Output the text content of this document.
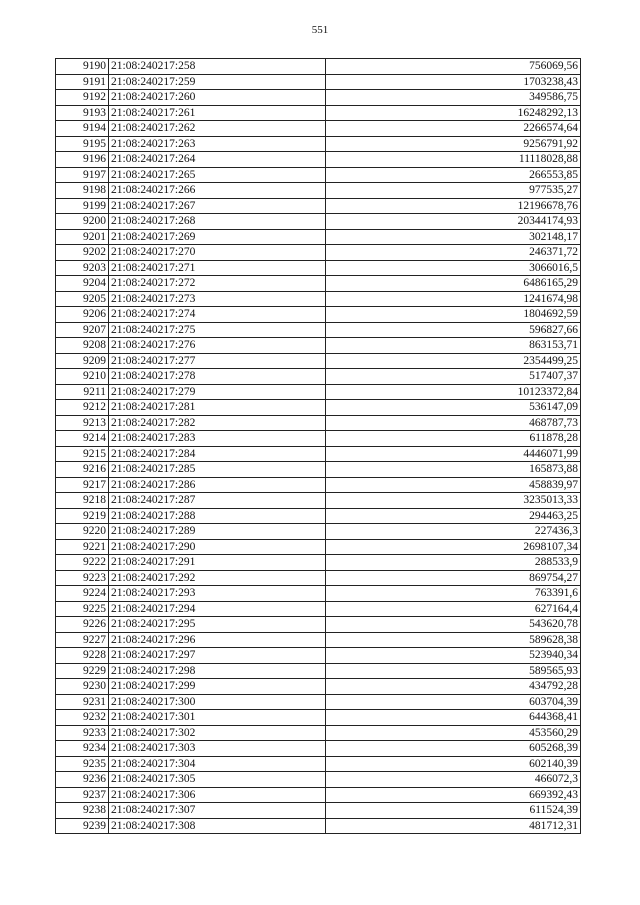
551
9190	21:08:240217:258	756069,56
9191	21:08:240217:259	1703238,43
9192	21:08:240217:260	349586,75
9193	21:08:240217:261	16248292,13
9194	21:08:240217:262	2266574,64
9195	21:08:240217:263	9256791,92
9196	21:08:240217:264	11118028,88
9197	21:08:240217:265	266553,85
9198	21:08:240217:266	977535,27
9199	21:08:240217:267	12196678,76
9200	21:08:240217:268	20344174,93
9201	21:08:240217:269	302148,17
9202	21:08:240217:270	246371,72
9203	21:08:240217:271	3066016,5
9204	21:08:240217:272	6486165,29
9205	21:08:240217:273	1241674,98
9206	21:08:240217:274	1804692,59
9207	21:08:240217:275	596827,66
9208	21:08:240217:276	863153,71
9209	21:08:240217:277	2354499,25
9210	21:08:240217:278	517407,37
9211	21:08:240217:279	10123372,84
9212	21:08:240217:281	536147,09
9213	21:08:240217:282	468787,73
9214	21:08:240217:283	611878,28
9215	21:08:240217:284	4446071,99
9216	21:08:240217:285	165873,88
9217	21:08:240217:286	458839,97
9218	21:08:240217:287	3235013,33
9219	21:08:240217:288	294463,25
9220	21:08:240217:289	227436,3
9221	21:08:240217:290	2698107,34
9222	21:08:240217:291	288533,9
9223	21:08:240217:292	869754,27
9224	21:08:240217:293	763391,6
9225	21:08:240217:294	627164,4
9226	21:08:240217:295	543620,78
9227	21:08:240217:296	589628,38
9228	21:08:240217:297	523940,34
9229	21:08:240217:298	589565,93
9230	21:08:240217:299	434792,28
9231	21:08:240217:300	603704,39
9232	21:08:240217:301	644368,41
9233	21:08:240217:302	453560,29
9234	21:08:240217:303	605268,39
9235	21:08:240217:304	602140,39
9236	21:08:240217:305	466072,3
9237	21:08:240217:306	669392,43
9238	21:08:240217:307	611524,39
9239	21:08:240217:308	481712,31
